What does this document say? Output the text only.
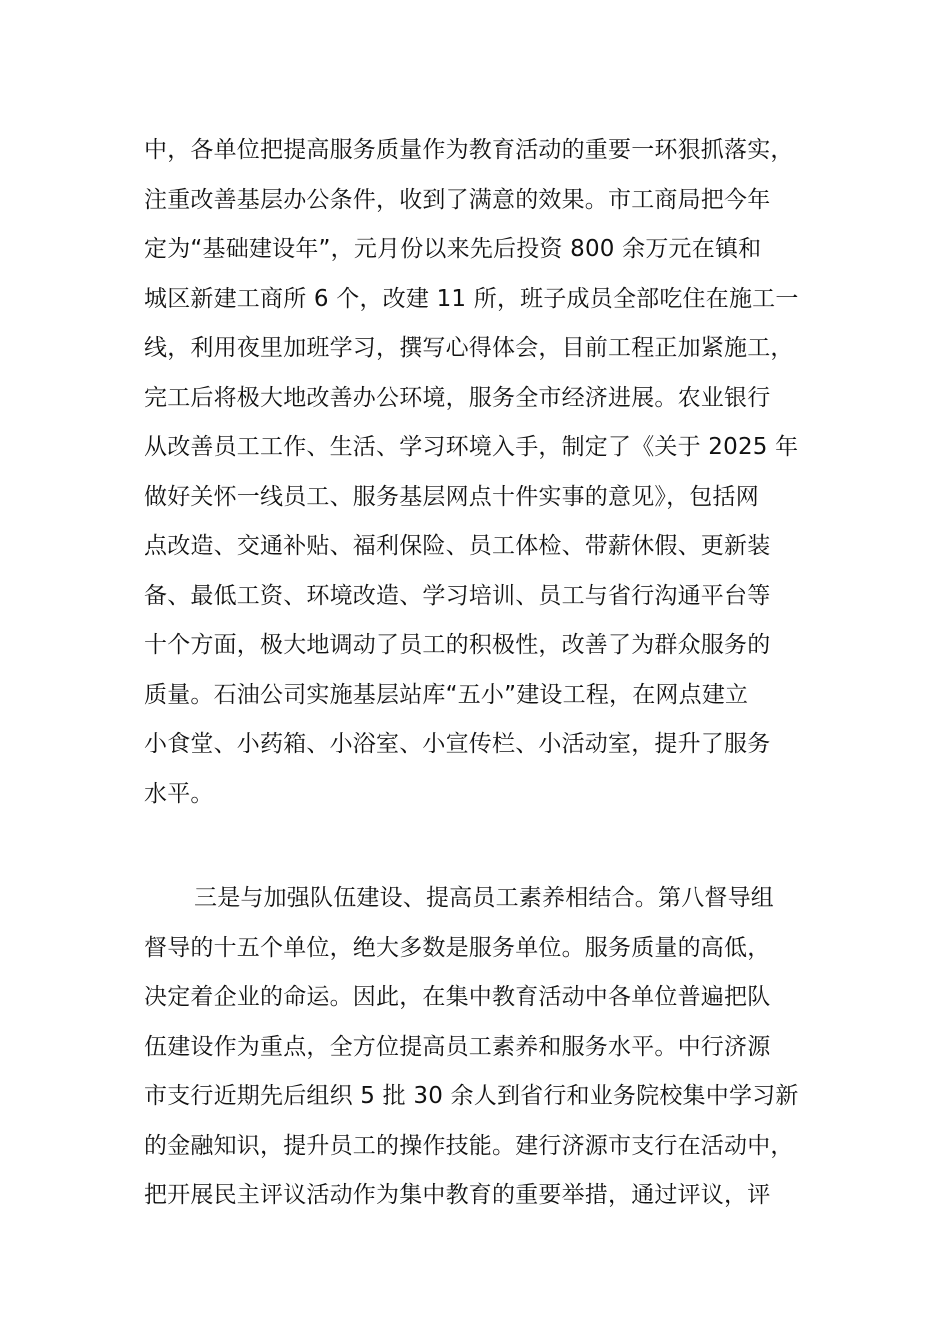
中，各单位把提高服务质量作为教育活动的重要一环狠抓落实，
注重改善基层办公条件，收到了满意的效果。市工商局把今年
定为“基础建设年”，元月份以来先后投资 800 余万元在镇和
城区新建工商所 6 个，改建 11 所，班子成员全部吃住在施工一
线，利用夜里加班学习，撰写心得体会，目前工程正加紧施工，
完工后将极大地改善办公环境，服务全市经济进展。农业银行
从改善员工工作、生活、学习环境入手，制定了《关于 2025 年
做好关怀一线员工、服务基层网点十件实事的意见》，包括网
点改造、交通补贴、福利保险、员工体检、带薪休假、更新装
备、最低工资、环境改造、学习培训、员工与省行沟通平台等
十个方面，极大地调动了员工的积极性，改善了为群众服务的
质量。石油公司实施基层站库“五小”建设工程，在网点建立
小食堂、小药箱、小浴室、小宣传栏、小活动室，提升了服务
水平。
三是与加强队伍建设、提高员工素养相结合。第八督导组
督导的十五个单位，绝大多数是服务单位。服务质量的高低，
决定着企业的命运。因此，在集中教育活动中各单位普遍把队
伍建设作为重点，全方位提高员工素养和服务水平。中行济源
市支行近期先后组织 5 批 30 余人到省行和业务院校集中学习新
的金融知识，提升员工的操作技能。建行济源市支行在活动中，
把开展民主评议活动作为集中教育的重要举措，通过评议，评
